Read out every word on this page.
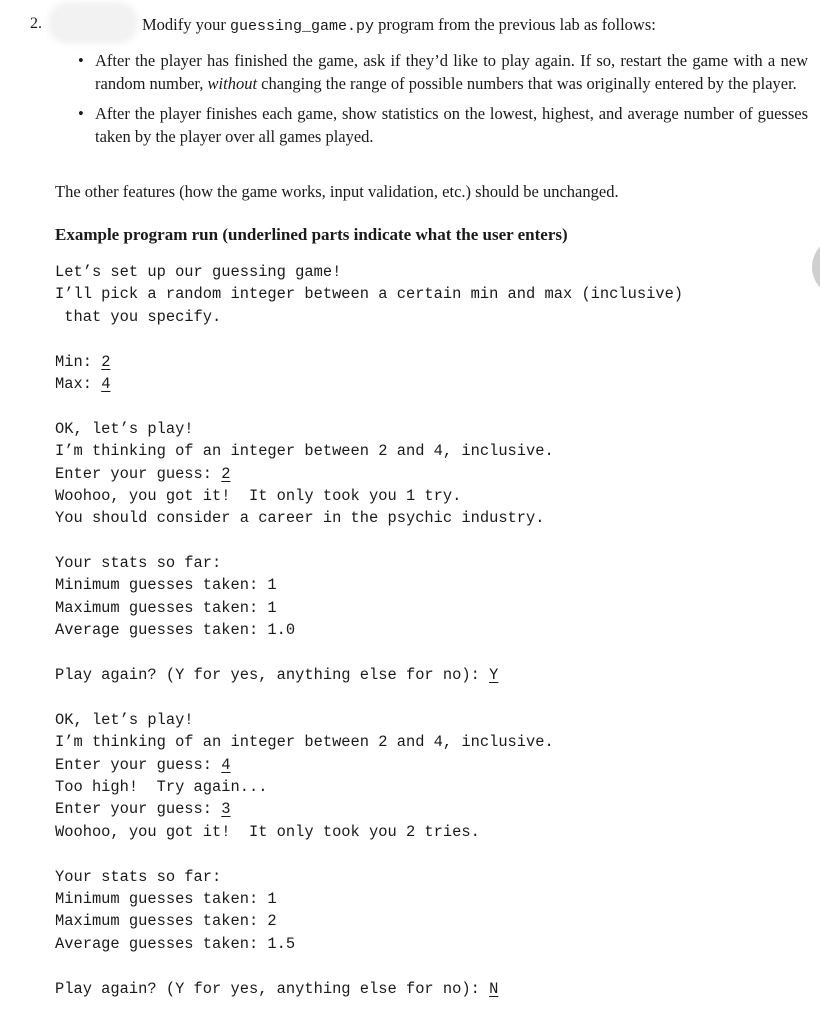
2.	Modify your guessing_game.py program from the previous lab as follows:
• After the player has finished the game, ask if they’d like to play again. If so, restart the game with a new random number, without changing the range of possible numbers that was originally entered by the player.
• After the player finishes each game, show statistics on the lowest, highest, and average number of guesses taken by the player over all games played.
The other features (how the game works, input validation, etc.) should be unchanged.
Example program run (underlined parts indicate what the user enters)
Let’s set up our guessing game!
I’ll pick a random integer between a certain min and max (inclusive)
that you specify.
Min: 2
Max: 4
OK, let’s play!
I’m thinking of an integer between 2 and 4, inclusive.
Enter your guess: 2
Woohoo, you got it!  It only took you 1 try.
You should consider a career in the psychic industry.
Your stats so far:
Minimum guesses taken: 1
Maximum guesses taken: 1
Average guesses taken: 1.0
Play again? (Y for yes, anything else for no): Y
OK, let’s play!
I’m thinking of an integer between 2 and 4, inclusive.
Enter your guess: 4
Too high!  Try again...
Enter your guess: 3
Woohoo, you got it!  It only took you 2 tries.
Your stats so far:
Minimum guesses taken: 1
Maximum guesses taken: 2
Average guesses taken: 1.5
Play again? (Y for yes, anything else for no): N
